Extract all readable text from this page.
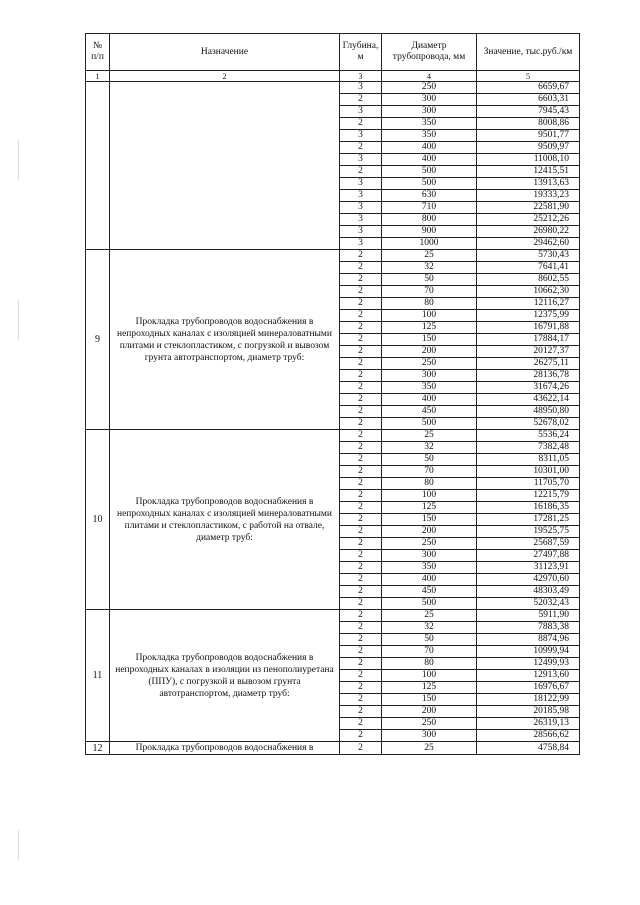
№ п/п	Назначение	Глубина, м	Диаметр трубопровода, мм	Значение, тыс.руб./км
1	2	3	4	5
		3	250	6659,67
		2	300	6603,31
		3	300	7945,43
		2	350	8008,86
		3	350	9501,77
		2	400	9509,97
		3	400	11008,10
		2	500	12415,51
		3	500	13913,63
		3	630	19333,23
		3	710	22581,90
		3	800	25212,26
		3	900	26980,22
		3	1000	29462,60
9	Прокладка трубопроводов водоснабжения в непроходных каналах с изоляцией минераловатными плитами и стеклопластиком, с погрузкой и вывозом грунта автотранспортом, диаметр труб:	2	25	5730,43
		2	32	7641,41
		2	50	8602,55
		2	70	10662,30
		2	80	12116,27
		2	100	12375,99
		2	125	16791,88
		2	150	17884,17
		2	200	20127,37
		2	250	26275,11
		2	300	28136,78
		2	350	31674,26
		2	400	43622,14
		2	450	48950,80
		2	500	52678,02
10	Прокладка трубопроводов водоснабжения в непроходных каналах с изоляцией минераловатными плитами и стеклопластиком, с работой на отвале, диаметр труб:	2	25	5536,24
		2	32	7382,48
		2	50	8311,05
		2	70	10301,00
		2	80	11705,70
		2	100	12215,79
		2	125	16186,35
		2	150	17281,25
		2	200	19525,75
		2	250	25687,59
		2	300	27497,88
		2	350	31123,91
		2	400	42970,60
		2	450	48303,49
		2	500	52032,43
11	Прокладка трубопроводов водоснабжения в непроходных каналах в изоляции из пенополиуретана (ППУ), с погрузкой и вывозом грунта автотранспортом, диаметр труб:	2	25	5911,90
		2	32	7883,38
		2	50	8874,96
		2	70	10999,94
		2	80	12499,93
		2	100	12913,60
		2	125	16976,67
		2	150	18122,99
		2	200	20185,98
		2	250	26319,13
		2	300	28566,62
12	Прокладка трубопроводов водоснабжения в	2	25	4758,84
